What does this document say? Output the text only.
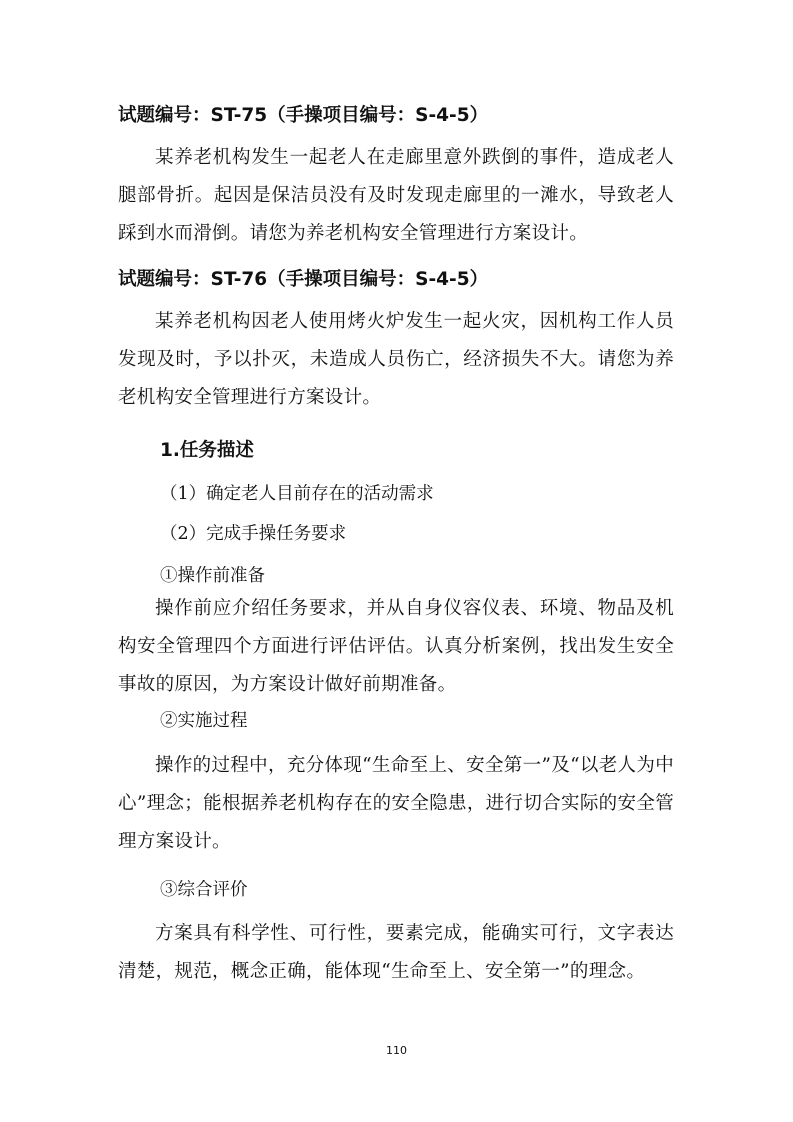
试题编号：ST-75（手操项目编号：S-4-5）
某养老机构发生一起老人在走廊里意外跌倒的事件，造成老人腿部骨折。起因是保洁员没有及时发现走廊里的一滩水，导致老人踩到水而滑倒。请您为养老机构安全管理进行方案设计。
试题编号：ST-76（手操项目编号：S-4-5）
某养老机构因老人使用烤火炉发生一起火灾，因机构工作人员发现及时，予以扑灭，未造成人员伤亡，经济损失不大。请您为养老机构安全管理进行方案设计。
1.任务描述
（1）确定老人目前存在的活动需求
（2）完成手操任务要求
①操作前准备
操作前应介绍任务要求，并从自身仪容仪表、环境、物品及机构安全管理四个方面进行评估评估。认真分析案例，找出发生安全事故的原因，为方案设计做好前期准备。
②实施过程
操作的过程中，充分体现“生命至上、安全第一”及“以老人为中心”理念；能根据养老机构存在的安全隐患，进行切合实际的安全管理方案设计。
③综合评价
方案具有科学性、可行性，要素完成，能确实可行，文字表达清楚，规范，概念正确，能体现“生命至上、安全第一”的理念。
110
